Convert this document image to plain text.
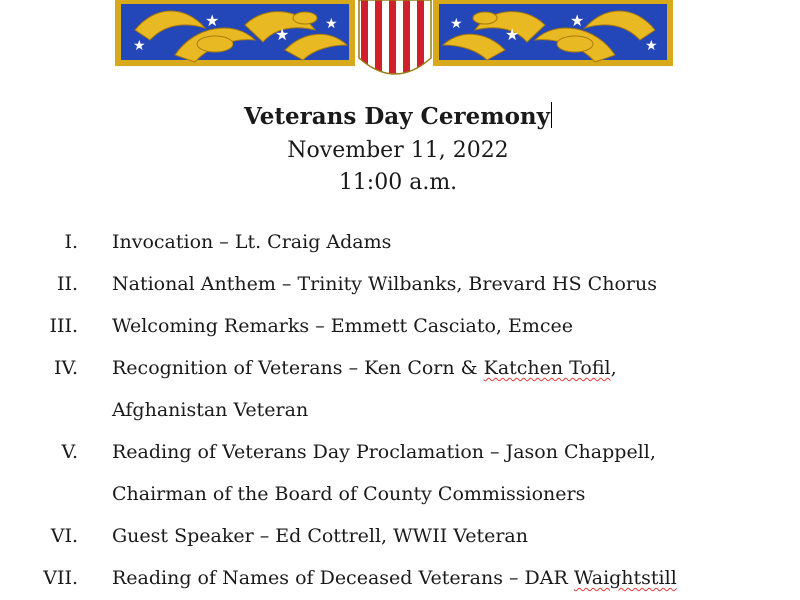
★
★
★
★	★
★
★
★
Veterans Day Ceremony
November 11, 2022
11:00 a.m.
I. Invocation – Lt. Craig Adams
II. National Anthem – Trinity Wilbanks, Brevard HS Chorus
III. Welcoming Remarks – Emmett Casciato, Emcee
IV. Recognition of Veterans – Ken Corn & Katchen Tofil,
Afghanistan Veteran
V. Reading of Veterans Day Proclamation – Jason Chappell,
Chairman of the Board of County Commissioners
VI. Guest Speaker – Ed Cottrell, WWII Veteran
VII. Reading of Names of Deceased Veterans – DAR Waightstill
